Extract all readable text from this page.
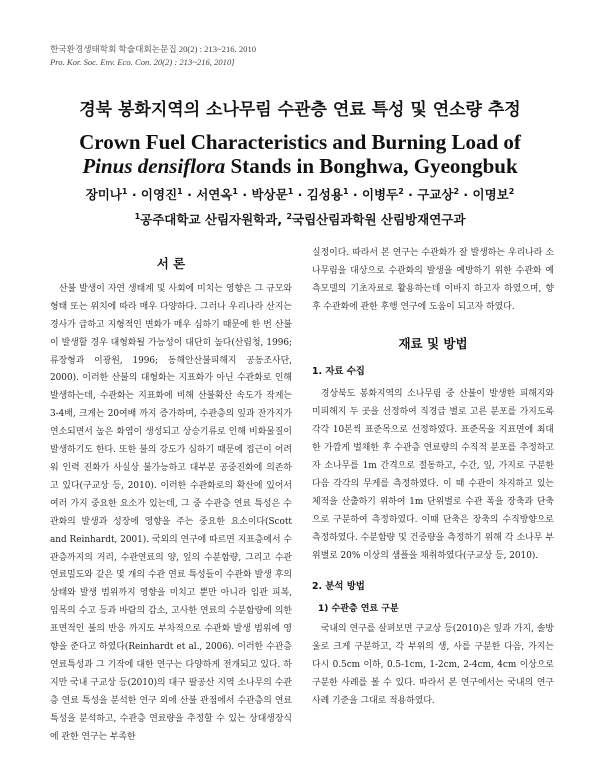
한국환경생태학회 학술대회논문집 20(2) : 213~216. 2010
Pro. Kor. Soc. Env. Eco. Con. 20(2) : 213~216, 2010]
경북 봉화지역의 소나무림 수관층 연료 특성 및 연소량 추정
Crown Fuel Characteristics and Burning Load of
Pinus densiflora Stands in Bonghwa, Gyeongbuk
장미나$^1$ · 이영진$^1$ · 서연옥$^1$ · 박상문$^1$ · 김성용$^1$ · 이병두$^2$ · 구교상$^2$ · 이명보$^2$
$^1$공주대학교 산림자원학과, $^2$국립산림과학원 산림방재연구과
서 론

산불 발생이 자연 생태계 및 사회에 미치는 영향은 그 규모와 형태 또는 위치에 따라 매우 다양하다. 그러나 우리나라 산지는 경사가 급하고 지형적인 변화가 매우 심하기 때문에 한 번 산불이 발생할 경우 대형화될 가능성이 대단히 높다(산림청, 1996; 류장형과 이광원, 1996; 동해안산불피해지 공동조사단, 2000). 이러한 산불의 대형화는 지표화가 아닌 수관화로 인해 발생하는데, 수관화는 지표화에 비해 산불확산 속도가 작게는 3-4배, 크게는 20여배 까지 증가하며, 수관층의 잎과 잔가지가 연소되면서 높은 화염이 생성되고 상승기류로 인해 비화물질이 발생하기도 한다. 또한 불의 강도가 심하기 때문에 접근이 어려워 인력 진화가 사실상 불가능하고 대부분 공중진화에 의존하고 있다(구교상 등, 2010). 이러한 수관화로의 확산에 있어서 여러 가지 중요한 요소가 있는데, 그 중 수관층 연료 특성은 수관화의 발생과 성장에 영향을 주는 중요한 요소이다(Scott and Reinhardt, 2001). 국외의 연구에 따르면 지표층에서 수관층까지의 거리, 수관연료의 양, 잎의 수분함량, 그리고 수관연료밀도와 같은 몇 개의 수관 연료 특성들이 수관화 발생 후의 상태와 발생 범위까지 영향을 미치고 뿐만 아니라 임관 피복, 임목의 수고 등과 바람의 감소, 고사한 연료의 수분함량에 의한 표면적인 불의 반응 까지도 부차적으로 수관화 발생 범위에 영향을 준다고 하였다(Reinhardt et al., 2006). 이러한 수관층 연료특성과 그 기작에 대한 연구는 다양하게 전개되고 있다. 하지만 국내 구교상 등(2010)의 대구 팔공산 지역 소나무의 수관층 연료 특성을 분석한 연구 외에 산불 관점에서 수관층의 연료 특성을 분석하고, 수관층 연료량을 추정할 수 있는 상대생장식에 관한 연구는 부족한

실정이다. 따라서 본 연구는 수관화가 잘 발생하는 우리나라 소나무림을 대상으로 수관화의 발생을 예방하기 위한 수관화 예측모델의 기초자료로 활용하는데 이바지 하고자 하였으며, 향후 수관화에 관한 후행 연구에 도움이 되고자 하였다.

재료 및 방법
1. 자료 수집

경상북도 봉화지역의 소나무림 중 산불이 발생한 피해지와 미피해지 두 곳을 선정하여 직경급 별로 고른 분포를 가지도록 각각 10본씩 표준목으로 선정하였다. 표준목을 지표면에 최대한 가깝게 벌채한 후 수관층 연료량의 수직적 분포를 추정하고자 소나무를 1m 간격으로 절동하고, 수간, 잎, 가지로 구분한 다음 각각의 무게를 측정하였다. 이 때 수관이 차지하고 있는 체적을 산출하기 위하여 1m 단위별로 수관 폭을 장축과 단축으로 구분하여 측정하였다. 이때 단축은 장축의 수직방향으로 측정하였다. 수분함량 및 건중량을 측정하기 위해 각 소나무 부위별로 20% 이상의 샘플을 채취하였다(구교상 등, 2010).

2. 분석 방법
1) 수관층 연료 구분

국내의 연구를 살펴보면 구교상 등(2010)은 잎과 가지, 솔방울로 크게 구분하고, 각 부위의 생, 사를 구분한 다음, 가지는 다시 0.5cm 이하, 0.5-1cm, 1-2cm, 2-4cm, 4cm 이상으로 구분한 사례를 볼 수 있다. 따라서 본 연구에서는 국내의 연구사례 기준을 그대로 적용하였다.
